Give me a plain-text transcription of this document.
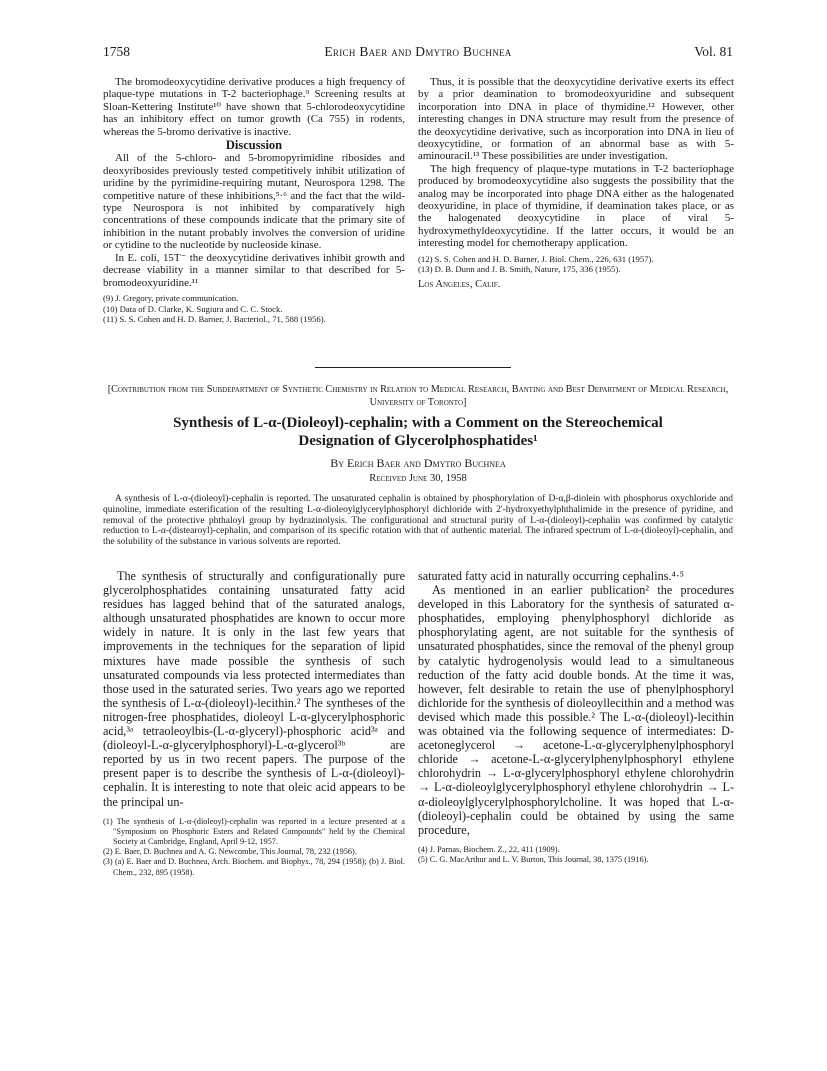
1758	Erich Baer and Dmytro Buchnea	Vol. 81

The bromodeoxycytidine derivative produces a high frequency of plaque-type mutations in T-2 bacteriophage.⁹ Screening results at Sloan-Kettering Institute¹⁰ have shown that 5-chlorodeoxycytidine has an inhibitory effect on tumor growth (Ca 755) in rodents, whereas the 5-bromo derivative is inactive.

Discussion

All of the 5-chloro- and 5-bromopyrimidine ribosides and deoxyribosides previously tested competitively inhibit utilization of uridine by the pyrimidine-requiring mutant, Neurospora 1298. The competitive nature of these inhibitions,⁵·⁶ and the fact that the wild-type Neurospora is not inhibited by comparatively high concentrations of these compounds indicate that the primary site of inhibition in the nutant probably involves the conversion of uridine or cytidine to the nucleotide by nucleoside kinase.

In E. coli, 15T⁻ the deoxycytidine derivatives inhibit growth and decrease viability in a manner similar to that described for 5-bromodeoxyuridine.¹¹

(9) J. Gregory, private communication.
(10) Data of D. Clarke, K. Sugiura and C. C. Stock.
(11) S. S. Cohen and H. D. Barner, J. Bacteriol., 71, 588 (1956).

Thus, it is possible that the deoxycytidine derivative exerts its effect by a prior deamination to bromodeoxyuridine and subsequent incorporation into DNA in place of thymidine.¹² However, other interesting changes in DNA structure may result from the presence of the deoxycytidine derivative, such as incorporation into DNA in lieu of deoxycytidine, or formation of an abnormal base as with 5-aminouracil.¹³ These possibilities are under investigation.

The high frequency of plaque-type mutations in T-2 bacteriophage produced by bromodeoxycytidine also suggests the possibility that the analog may be incorporated into phage DNA either as the halogenated deoxyuridine, in place of thymidine, if deamination takes place, or as the halogenated deoxycytidine in place of viral 5-hydroxymethyldeoxycytidine. If the latter occurs, it would be an interesting model for chemotherapy application.

(12) S. S. Cohen and H. D. Barner, J. Biol. Chem., 226, 631 (1957).
(13) D. B. Dunn and J. B. Smith, Nature, 175, 336 (1955).
Los Angeles, Calif.
[Contribution from the Subdepartment of Synthetic Chemistry in Relation to Medical Research, Banting and Best Department of Medical Research, University of Toronto]
Synthesis of L-α-(Dioleoyl)-cephalin; with a Comment on the Stereochemical
Designation of Glycerolphosphatides¹
By Erich Baer and Dmytro Buchnea
Received June 30, 1958
A synthesis of L-α-(dioleoyl)-cephalin is reported. The unsaturated cephalin is obtained by phosphorylation of D-α,β-diolein with phosphorus oxychloride and quinoline, immediate esterification of the resulting L-α-dioleoylglycerylphosphoryl dichloride with 2'-hydroxyethylphthalimide in the presence of pyridine, and removal of the protective phthaloyl group by hydrazinolysis. The configurational and structural purity of L-α-(dioleoyl)-cephalin was confirmed by catalytic reduction to L-α-(distearoyl)-cephalin, and comparison of its specific rotation with that of authentic material. The infrared spectrum of L-α-(dioleoyl)-cephalin, and the solubility of the substance in various solvents are reported.

The synthesis of structurally and configurationally pure glycerolphosphatides containing unsaturated fatty acid residues has lagged behind that of the saturated analogs, although unsaturated phosphatides are known to occur more widely in nature. It is only in the last few years that improvements in the techniques for the separation of lipid mixtures have made possible the synthesis of such unsaturated compounds via less protected intermediates than those used in the saturated series. Two years ago we reported the synthesis of L-α-(dioleoyl)-lecithin.² The syntheses of the nitrogen-free phosphatides, dioleoyl L-α-glycerylphosphoric acid,³ᵃ tetraoleoylbis-(L-α-glyceryl)-phosphoric acid³ᵃ and (dioleoyl-L-α-glycerylphosphoryl)-L-α-glycerol³ᵇ are reported by us in two recent papers. The purpose of the present paper is to describe the synthesis of L-α-(dioleoyl)-cephalin. It is interesting to note that oleic acid appears to be the principal un-

(1) The synthesis of L-α-(dioleoyl)-cephalin was reported in a lecture presented at a "Symposium on Phosphoric Esters and Related Compounds" held by the Chemical Society at Cambridge, England, April 9-12, 1957.
(2) E. Baer, D. Buchnea and A. G. Newcombe, This Journal, 78, 232 (1956).
(3) (a) E. Baer and D. Buchnea, Arch. Biochem. and Biophys., 78, 294 (1958); (b) J. Biol. Chem., 232, 895 (1958).

saturated fatty acid in naturally occurring cephalins.⁴·⁵

As mentioned in an earlier publication² the procedures developed in this Laboratory for the synthesis of saturated α-phosphatides, employing phenylphosphoryl dichloride as phosphorylating agent, are not suitable for the synthesis of unsaturated phosphatides, since the removal of the phenyl group by catalytic hydrogenolysis would lead to a simultaneous reduction of the fatty acid double bonds. At the time it was, however, felt desirable to retain the use of phenylphosphoryl dichloride for the synthesis of dioleoyllecithin and a method was devised which made this possible.² The L-α-(dioleoyl)-lecithin was obtained via the following sequence of intermediates: D-acetoneglycerol → acetone-L-α-glycerylphenylphosphoryl chloride → acetone-L-α-glycerylphenylphosphoryl ethylene chlorohydrin → L-α-glycerylphosphoryl ethylene chlorohydrin → L-α-dioleoylglycerylphosphoryl ethylene chlorohydrin → L-α-dioleoylglycerylphosphorylcholine. It was hoped that L-α-(dioleoyl)-cephalin could be obtained by using the same procedure,

(4) J. Parnas, Biochem. Z., 22, 411 (1909).
(5) C. G. MacArthur and L. V. Burton, This Journal, 38, 1375 (1916).
